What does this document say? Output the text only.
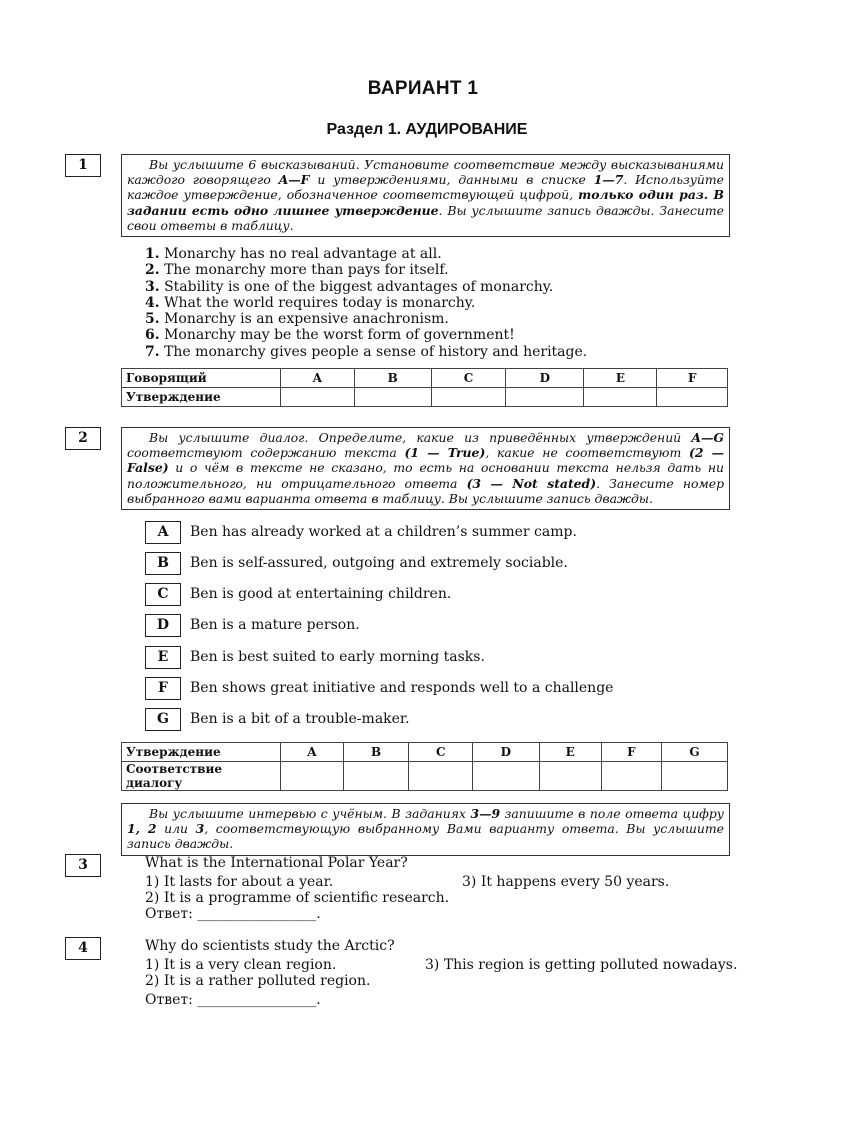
ВАРИАНТ 1
Раздел 1. АУДИРОВАНИЕ
1	Вы услышите 6 высказываний. Установите соответствие между высказываниями каждого говорящего A—F и утверждениями, данными в списке 1—7. Используйте каждое утверждение, обозначенное соответствующей цифрой, только один раз. В задании есть одно лишнее утверждение. Вы услышите запись дважды. Занесите свои ответы в таблицу.
1. Monarchy has no real advantage at all.
2. The monarchy more than pays for itself.
3. Stability is one of the biggest advantages of monarchy.
4. What the world requires today is monarchy.
5. Monarchy is an expensive anachronism.
6. Monarchy may be the worst form of government!
7. The monarchy gives people a sense of history and heritage.
Говорящий	A	B	C	D	E	F
Утверждение						
2	Вы услышите диалог. Определите, какие из приведённых утверждений A—G соответствуют содержанию текста (1 — True), какие не соответствуют (2 — False) и о чём в тексте не сказано, то есть на основании текста нельзя дать ни положительного, ни отрицательного ответа (3 — Not stated). Занесите номер выбранного вами варианта ответа в таблицу. Вы услышите запись дважды.
A	Ben has already worked at a children’s summer camp.
B	Ben is self-assured, outgoing and extremely sociable.
C	Ben is good at entertaining children.
D	Ben is a mature person.
E	Ben is best suited to early morning tasks.
F	Ben shows great initiative and responds well to a challenge
G	Ben is a bit of a trouble-maker.
Утверждение	A	B	C	D	E	F	G
Соответствие диалогу							
Вы услышите интервью с учёным. В заданиях 3—9 запишите в поле ответа цифру 1, 2 или 3, соответствующую выбранному Вами варианту ответа. Вы услышите запись дважды.
3	What is the International Polar Year?
1) It lasts for about a year.	3) It happens every 50 years.
2) It is a programme of scientific research.
Ответ: _________________.
4	Why do scientists study the Arctic?
1) It is a very clean region.	3) This region is getting polluted nowadays.
2) It is a rather polluted region.
Ответ: _________________.
